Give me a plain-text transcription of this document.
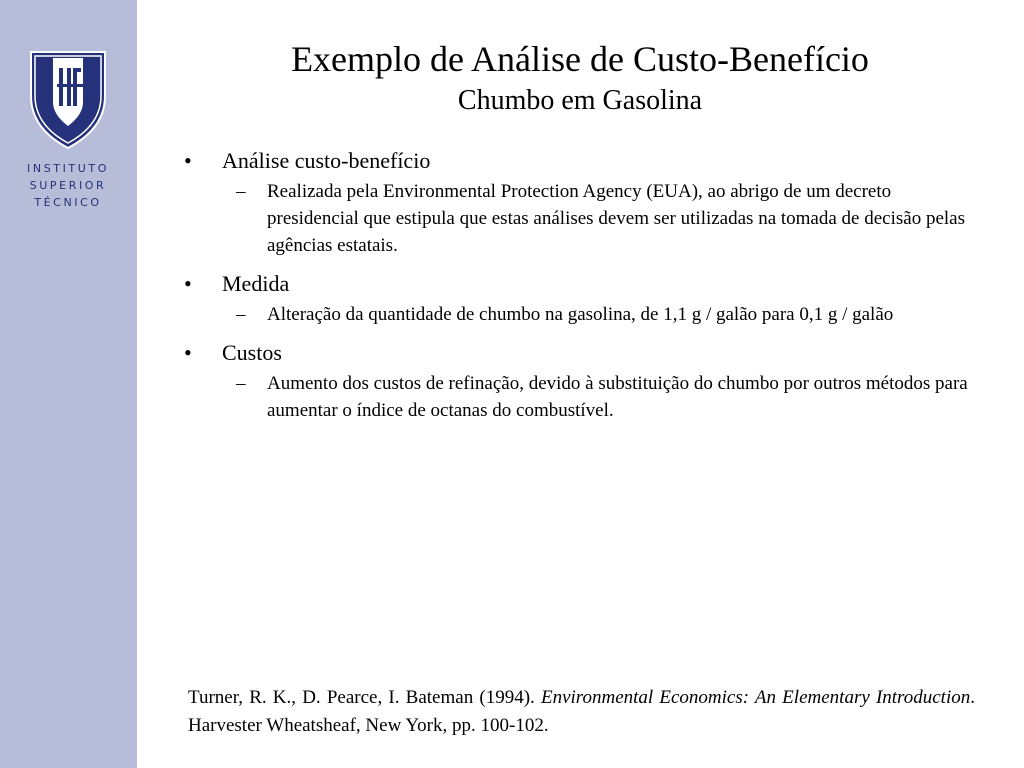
INSTITUTO
SUPERIOR
TÉCNICO
Exemplo de Análise de Custo-Benefício
Chumbo em Gasolina
• Análise custo-benefício
– Realizada pela Environmental Protection Agency (EUA), ao abrigo de um decreto presidencial que estipula que estas análises devem ser utilizadas na tomada de decisão pelas agências estatais.
• Medida
– Alteração da quantidade de chumbo na gasolina, de 1,1 g / galão para 0,1 g / galão
• Custos
– Aumento dos custos de refinação, devido à substituição do chumbo por outros métodos para aumentar o índice de octanas do combustível.
Turner, R. K., D. Pearce, I. Bateman (1994). Environmental Economics: An Elementary Introduction. Harvester Wheatsheaf, New York, pp. 100-102.
